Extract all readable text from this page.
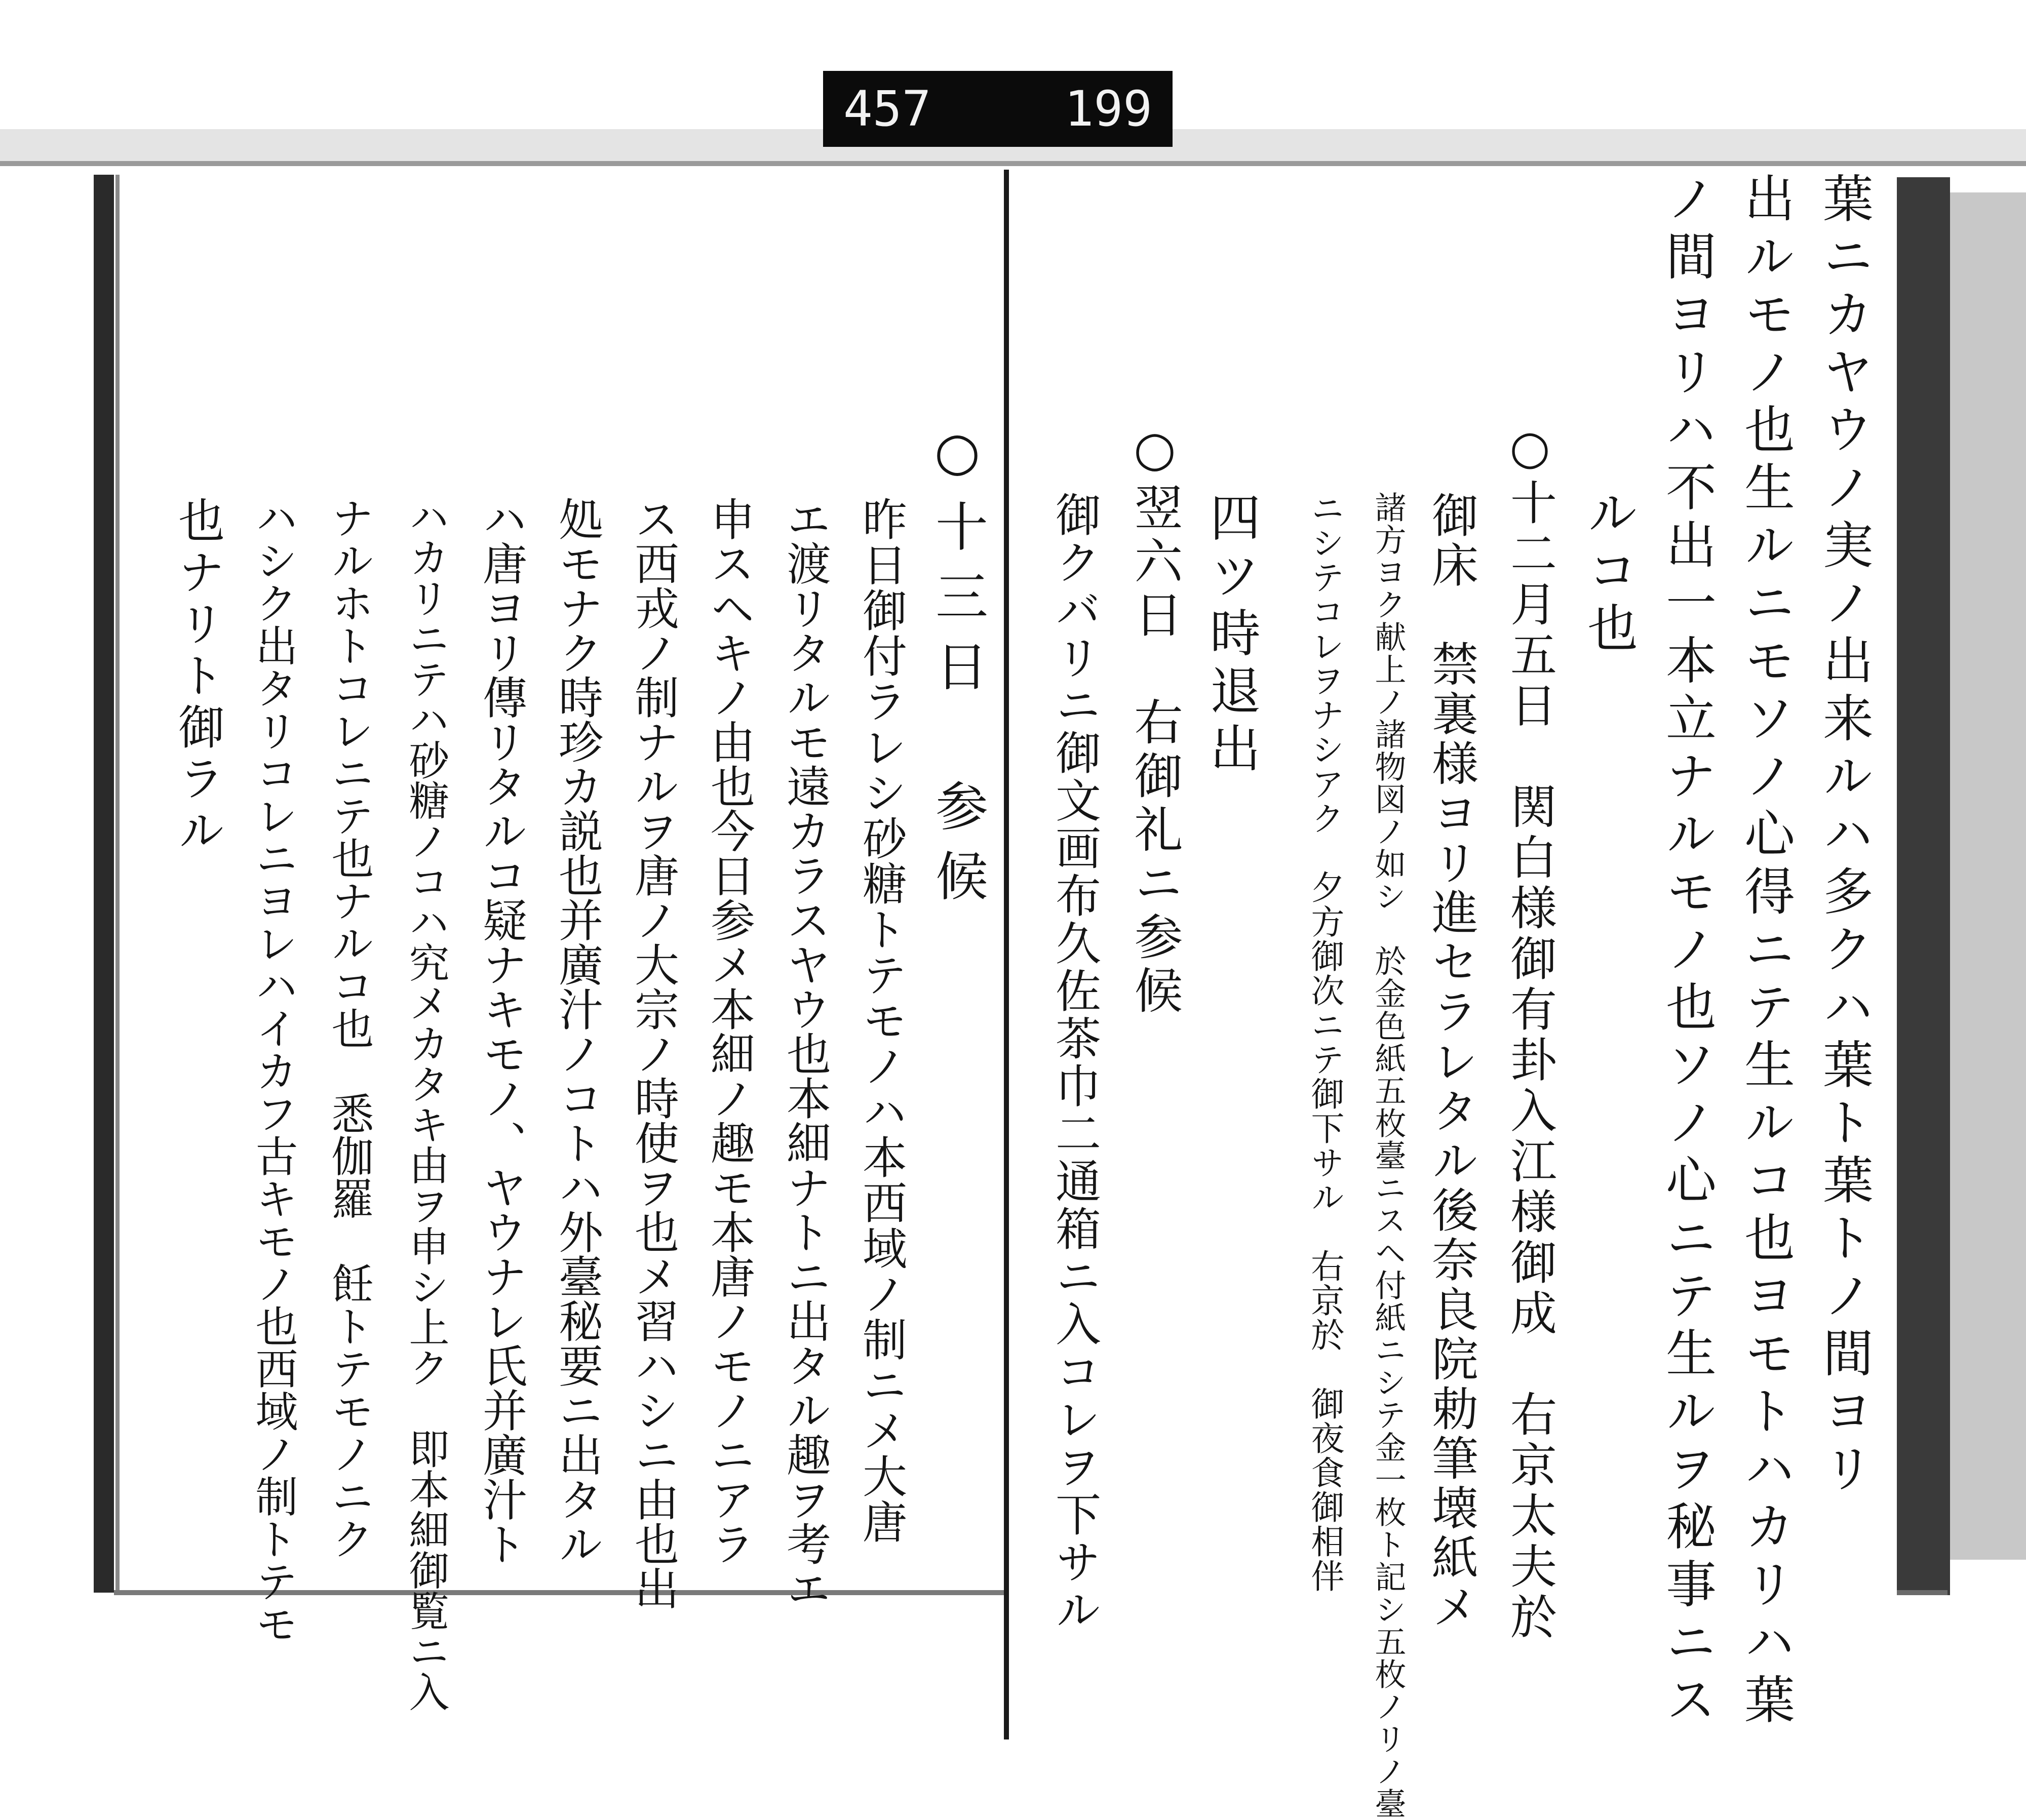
457	199
葉ニカヤウノ実ノ出来ルハ多クハ葉ト葉トノ間ヨリ
出ルモノ也生ルニモソノ心得ニテ生ルコ也ヨモトハカリハ葉
ノ間ヨリハ不出一本立ナルモノ也ソノ心ニテ生ルヲ秘事ニス
ルコ也
○十二月五日　関白様御有卦入江様御成　右京太夫於
御床　禁裏様ヨリ進セラレタル後奈良院勅筆壊紙メ
諸方ヨク献上ノ諸物図ノ如シ　於金色紙五枚臺ニスヘ付紙ニシテ金一枚ト記シ五枚ノリノ臺
ニシテコレヲナシアク　夕方御次ニテ御下サル　右京於　御夜食御相伴
四ツ時退出
○翌六日　右御礼ニ参候
御クバリニ御文画布久佐茶巾二通箱ニ入コレヲ下サル
○十三日　参候
昨日御付ラレシ砂糖トテモノハ本西域ノ制ニメ大唐
エ渡リタルモ遠カラスヤウ也本細ナトニ出タル趣ヲ考エ
申スヘキノ由也今日参メ本細ノ趣モ本唐ノモノニアラ
ス西戎ノ制ナルヲ唐ノ大宗ノ時使ヲ也メ習ハシニ由也出
処モナク時珍カ説也并廣汁ノコトハ外臺秘要ニ出タル
ハ唐ヨリ傳リタルコ疑ナキモノ、ヤウナレ氏并廣汁ト
ハカリニテハ砂糖ノコハ究メカタキ由ヲ申シ上ク　即本細御覧ニ入
ナルホトコレニテ也ナルコ也　悉伽羅　飪トテモノニク
ハシク出タリコレニヨレハイカフ古キモノ也西域ノ制トテモ
也ナリト御ラル
